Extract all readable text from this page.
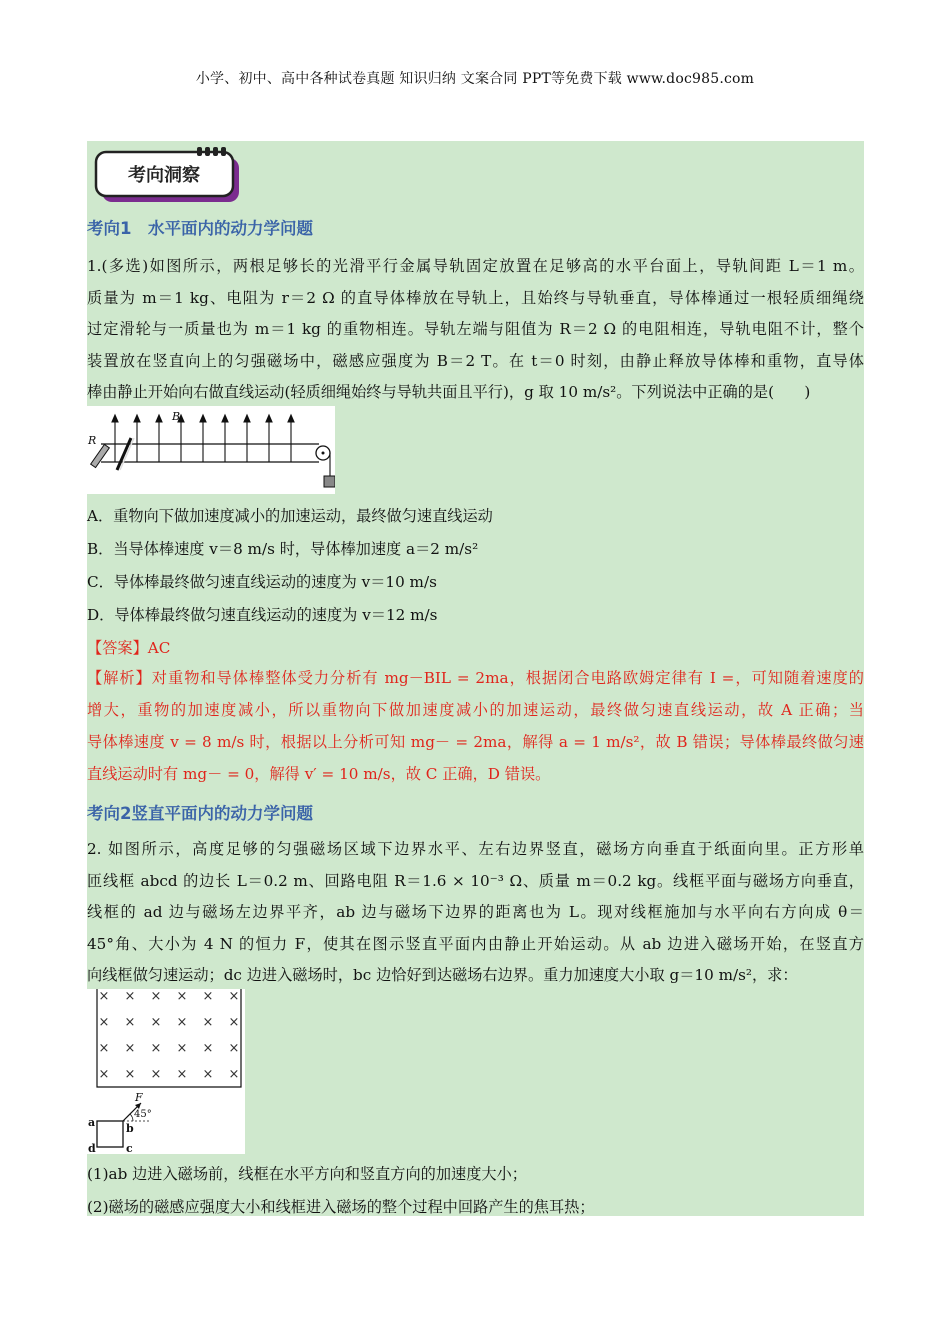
小学、初中、高中各种试卷真题 知识归纳 文案合同 PPT等免费下载 www.doc985.com
考向洞察
考向1　水平面内的动力学问题
1.(多选)如图所示，两根足够长的光滑平行金属导轨固定放置在足够高的水平台面上，导轨间距 L＝1 m。
质量为 m＝1 kg、电阻为 r＝2 Ω 的直导体棒放在导轨上，且始终与导轨垂直，导体棒通过一根轻质细绳绕
过定滑轮与一质量也为 m＝1 kg 的重物相连。导轨左端与阻值为 R＝2 Ω 的电阻相连，导轨电阻不计，整个
装置放在竖直向上的匀强磁场中，磁感应强度为 B＝2 T。在 t＝0 时刻，由静止释放导体棒和重物，直导体
棒由静止开始向右做直线运动(轻质细绳始终与导轨共面且平行)，g 取 10 m/s²。下列说法中正确的是(　　)
R
B
A．重物向下做加速度减小的加速运动，最终做匀速直线运动
B．当导体棒速度 v＝8 m/s 时，导体棒加速度 a＝2 m/s²
C．导体棒最终做匀速直线运动的速度为 v＝10 m/s
D．导体棒最终做匀速直线运动的速度为 v＝12 m/s
【答案】AC
【解析】对重物和导体棒整体受力分析有 mg－BIL = 2ma，根据闭合电路欧姆定律有 I =，可知随着速度的
增大，重物的加速度减小，所以重物向下做加速度减小的加速运动，最终做匀速直线运动，故 A 正确；当
导体棒速度 v = 8 m/s 时，根据以上分析可知 mg－ = 2ma，解得 a = 1 m/s²，故 B 错误；导体棒最终做匀速
直线运动时有 mg－ = 0，解得 v′ = 10 m/s，故 C 正确，D 错误。
考向2竖直平面内的动力学问题
2. 如图所示，高度足够的匀强磁场区域下边界水平、左右边界竖直，磁场方向垂直于纸面向里。正方形单
匝线框 abcd 的边长 L＝0.2 m、回路电阻 R＝1.6 × 10⁻³ Ω、质量 m＝0.2 kg。线框平面与磁场方向垂直，
线框的 ad 边与磁场左边界平齐，ab 边与磁场下边界的距离也为 L。现对线框施加与水平向右方向成 θ＝
45°角、大小为 4 N 的恒力 F，使其在图示竖直平面内由静止开始运动。从 ab 边进入磁场开始，在竖直方
向线框做匀速运动；dc 边进入磁场时，bc 边恰好到达磁场右边界。重力加速度大小取 g＝10 m/s²，求：
× × × × × ×
× × × × × ×
× × × × × ×
× × × × × ×
F
45°
a	b
c
d
(1)ab 边进入磁场前，线框在水平方向和竖直方向的加速度大小；
(2)磁场的磁感应强度大小和线框进入磁场的整个过程中回路产生的焦耳热；
